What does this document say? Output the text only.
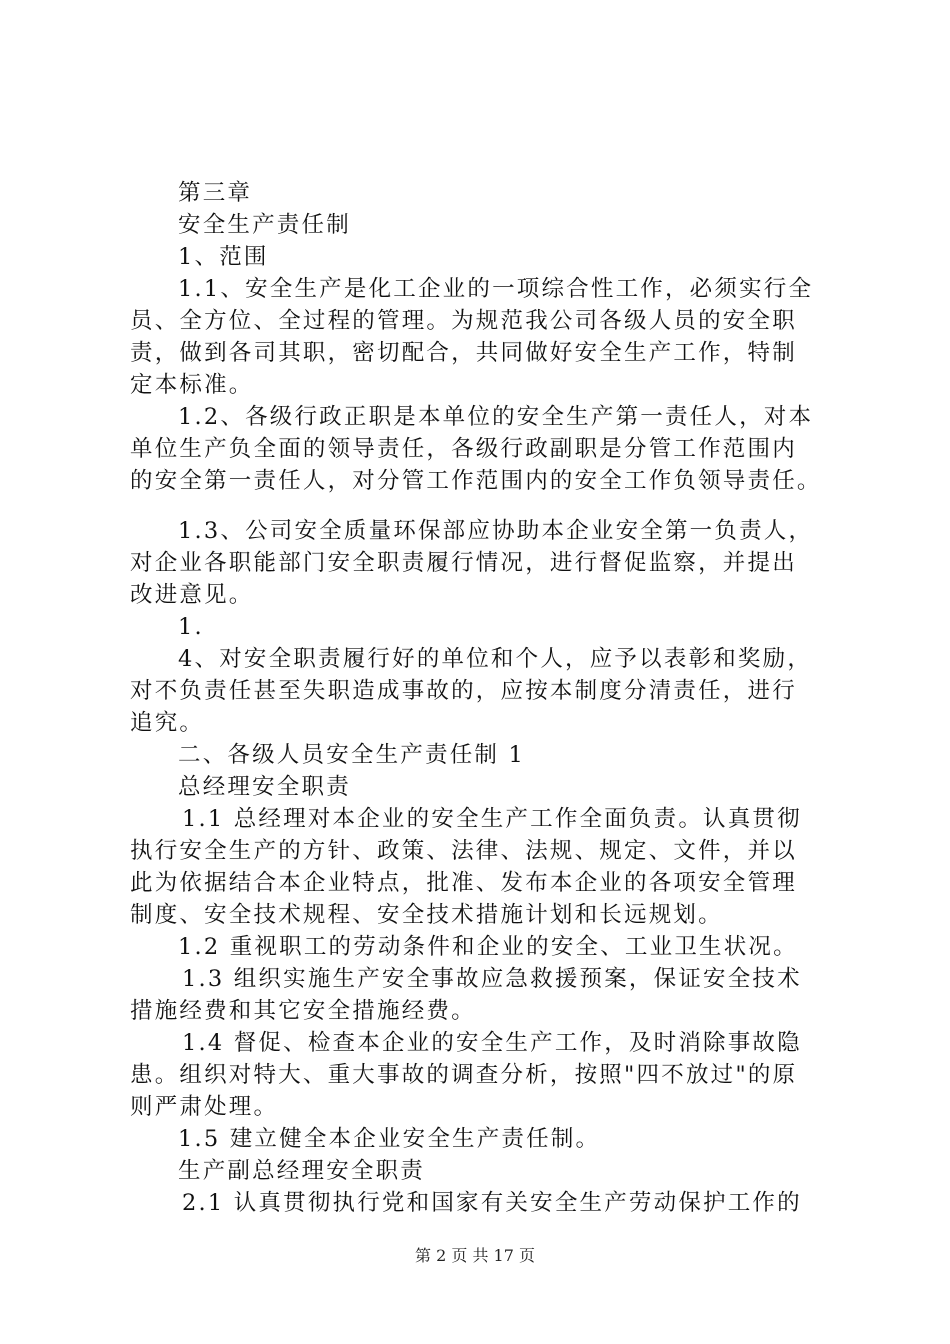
第三章
安全生产责任制
1、范围
1.1、安全生产是化工企业的一项综合性工作，必须实行全
员、全方位、全过程的管理。为规范我公司各级人员的安全职
责，做到各司其职，密切配合，共同做好安全生产工作，特制
定本标准。
1.2、各级行政正职是本单位的安全生产第一责任人，对本
单位生产负全面的领导责任，各级行政副职是分管工作范围内
的安全第一责任人，对分管工作范围内的安全工作负领导责任。
1.3、公司安全质量环保部应协助本企业安全第一负责人，
对企业各职能部门安全职责履行情况，进行督促监察，并提出
改进意见。
1.
4、对安全职责履行好的单位和个人，应予以表彰和奖励，
对不负责任甚至失职造成事故的，应按本制度分清责任，进行
追究。
二、各级人员安全生产责任制 1
总经理安全职责
1.1 总经理对本企业的安全生产工作全面负责。认真贯彻
执行安全生产的方针、政策、法律、法规、规定、文件，并以
此为依据结合本企业特点，批准、发布本企业的各项安全管理
制度、安全技术规程、安全技术措施计划和长远规划。
1.2 重视职工的劳动条件和企业的安全、工业卫生状况。
1.3 组织实施生产安全事故应急救援预案，保证安全技术
措施经费和其它安全措施经费。
1.4 督促、检查本企业的安全生产工作，及时消除事故隐
患。组织对特大、重大事故的调查分析，按照"四不放过"的原
则严肃处理。
1.5 建立健全本企业安全生产责任制。
生产副总经理安全职责
2.1 认真贯彻执行党和国家有关安全生产劳动保护工作的
第 2 页 共 17 页
